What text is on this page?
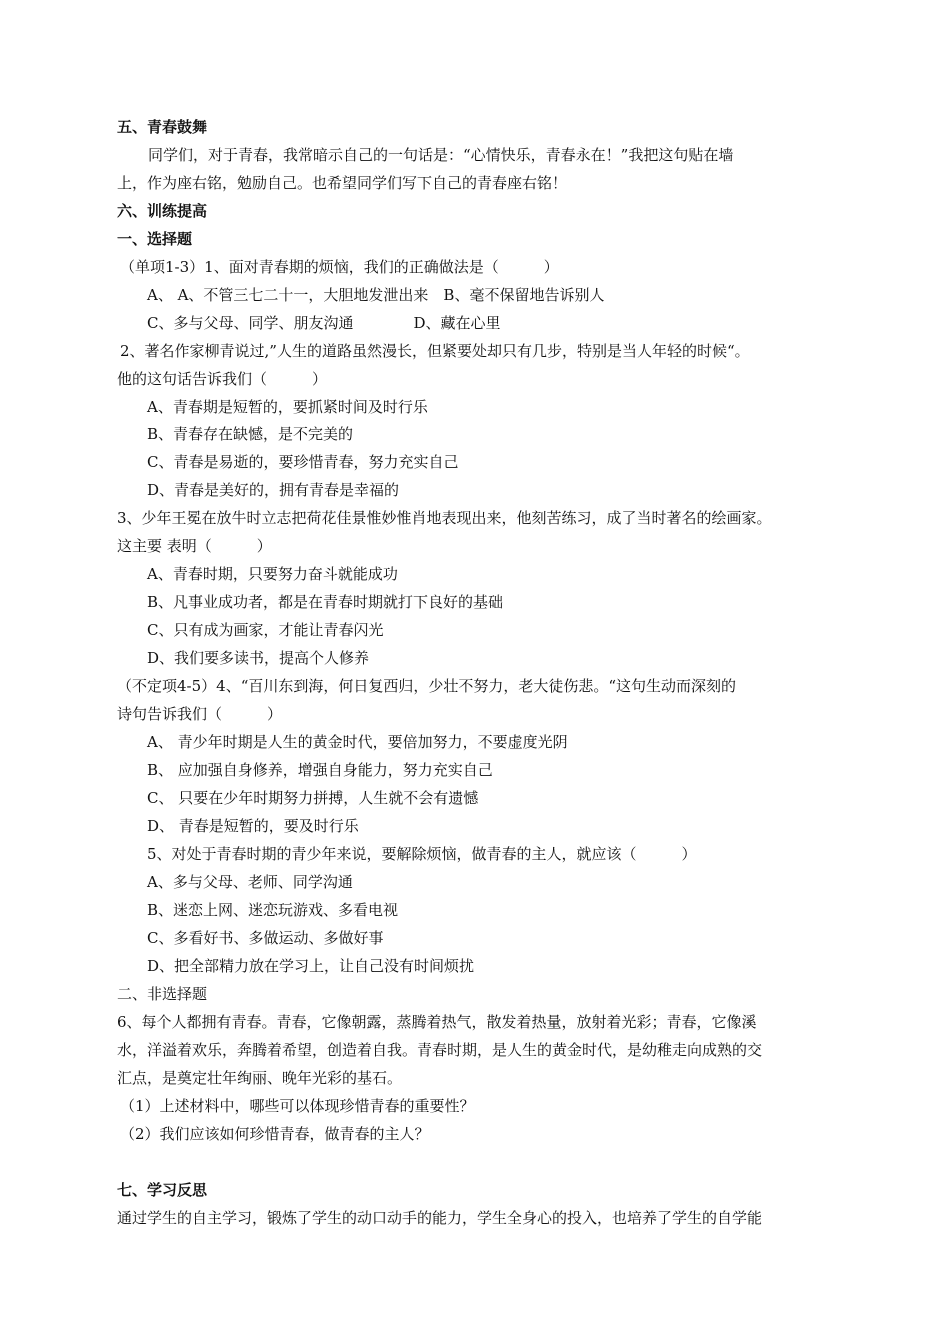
五、青春鼓舞
同学们，对于青春，我常暗示自己的一句话是：“心情快乐，青春永在！”我把这句贴在墙
上，作为座右铭，勉励自己。也希望同学们写下自己的青春座右铭！
六、训练提高
一、选择题
（单项1-3）1、面对青春期的烦恼，我们的正确做法是（　　　）
A、 A、不管三七二十一，大胆地发泄出来　B、毫不保留地告诉别人
C、多与父母、同学、朋友沟通　　　　D、藏在心里
2、著名作家柳青说过,”人生的道路虽然漫长，但紧要处却只有几步，特别是当人年轻的时候“。
他的这句话告诉我们（　　　）
A、青春期是短暂的，要抓紧时间及时行乐
B、青春存在缺憾，是不完美的
C、青春是易逝的，要珍惜青春，努力充实自己
D、青春是美好的，拥有青春是幸福的
3、少年王冕在放牛时立志把荷花佳景惟妙惟肖地表现出来，他刻苦练习，成了当时著名的绘画家。
这主要 表明（　　　）
A、青春时期，只要努力奋斗就能成功
B、凡事业成功者，都是在青春时期就打下良好的基础
C、只有成为画家，才能让青春闪光
D、我们要多读书，提高个人修养
（不定项4-5）4、“百川东到海，何日复西归，少壮不努力，老大徒伤悲。“这句生动而深刻的
诗句告诉我们（　　　）
A、 青少年时期是人生的黄金时代，要倍加努力，不要虚度光阴
B、 应加强自身修养，增强自身能力，努力充实自己
C、 只要在少年时期努力拼搏，人生就不会有遗憾
D、 青春是短暂的，要及时行乐
5、对处于青春时期的青少年来说，要解除烦恼，做青春的主人，就应该（　　　）
A、多与父母、老师、同学沟通
B、迷恋上网、迷恋玩游戏、多看电视
C、多看好书、多做运动、多做好事
D、把全部精力放在学习上，让自己没有时间烦扰
二、非选择题
6、每个人都拥有青春。青春，它像朝露，蒸腾着热气，散发着热量，放射着光彩；青春，它像溪
水，洋溢着欢乐，奔腾着希望，创造着自我。青春时期，是人生的黄金时代，是幼稚走向成熟的交
汇点，是奠定壮年绚丽、晚年光彩的基石。
（1）上述材料中，哪些可以体现珍惜青春的重要性？
（2）我们应该如何珍惜青春，做青春的主人？
七、学习反思
通过学生的自主学习，锻炼了学生的动口动手的能力，学生全身心的投入，也培养了学生的自学能
